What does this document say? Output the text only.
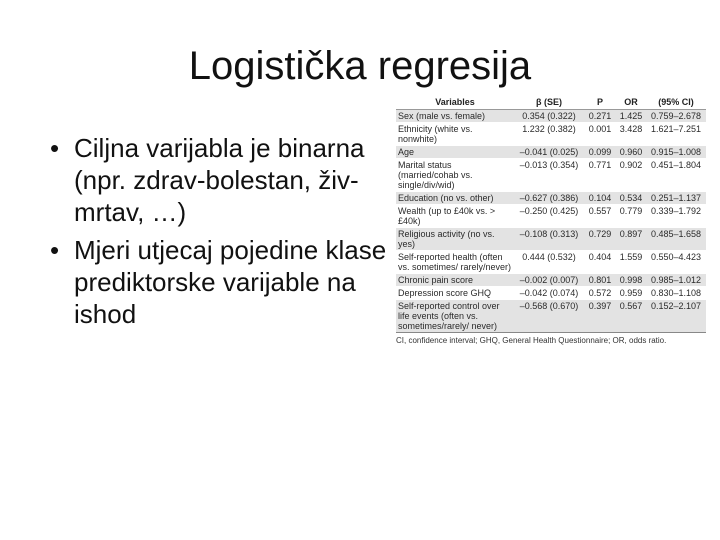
Logistička regresija
• Ciljna varijabla je binarna (npr. zdrav-bolestan, živ-mrtav, …)
• Mjeri utjecaj pojedine klase prediktorske varijable na ishod
Variables	β (SE)	P	OR	(95% CI)
Sex (male vs. female)	0.354 (0.322)	0.271	1.425	0.759–2.678
Ethnicity (white vs. nonwhite)	1.232 (0.382)	0.001	3.428	1.621–7.251
Age	–0.041 (0.025)	0.099	0.960	0.915–1.008
Marital status (married/cohab vs. single/div/wid)	–0.013 (0.354)	0.771	0.902	0.451–1.804
Education (no vs. other)	–0.627 (0.386)	0.104	0.534	0.251–1.137
Wealth (up to £40k vs. > £40k)	–0.250 (0.425)	0.557	0.779	0.339–1.792
Religious activity (no vs. yes)	–0.108 (0.313)	0.729	0.897	0.485–1.658
Self-reported health (often vs. sometimes/ rarely/never)	0.444 (0.532)	0.404	1.559	0.550–4.423
Chronic pain score	–0.002 (0.007)	0.801	0.998	0.985–1.012
Depression score GHQ	–0.042 (0.074)	0.572	0.959	0.830–1.108
Self-reported control over life events (often vs. sometimes/rarely/ never)	–0.568 (0.670)	0.397	0.567	0.152–2.107
CI, confidence interval; GHQ, General Health Questionnaire; OR, odds ratio.
